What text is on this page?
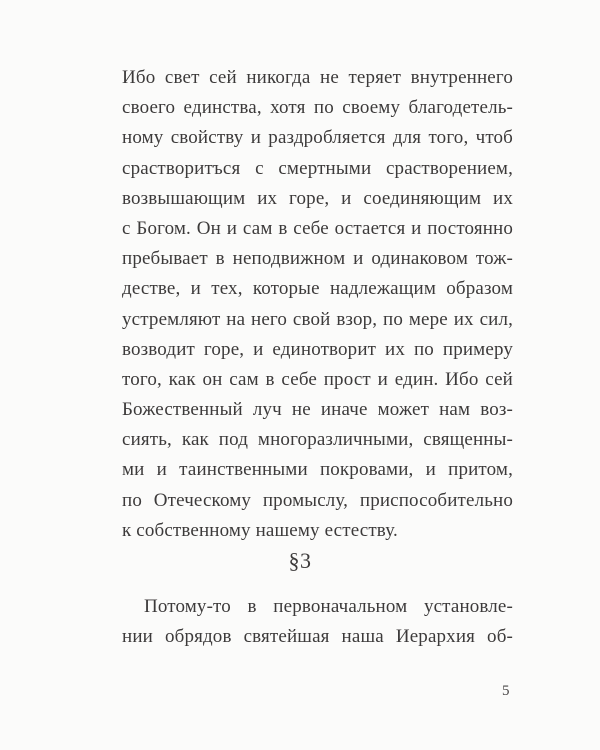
Ибо свет сей никогда не теряет внутреннего
своего единства, хотя по своему благодетель-
ному свойству и раздробляется для того, чтоб
срастворитъся с смертными срастворением,
возвышающим их горе, и соединяющим их
с Богом. Он и сам в себе остается и постоянно
пребывает в неподвижном и одинаковом тож-
дестве, и тех, которые надлежащим образом
устремляют на него свой взор, по мере их сил,
возводит горе, и единотворит их по примеру
того, как он сам в себе прост и един. Ибо сей
Божественный луч не иначе может нам воз-
сиять, как под многоразличными, священны-
ми и таинственными покровами, и притом,
по Отеческому промыслу, приспособительно
к собственному нашему естеству.
§3
Потому-то в первоначальном установле-
нии обрядов святейшая наша Иерархия об-
5
